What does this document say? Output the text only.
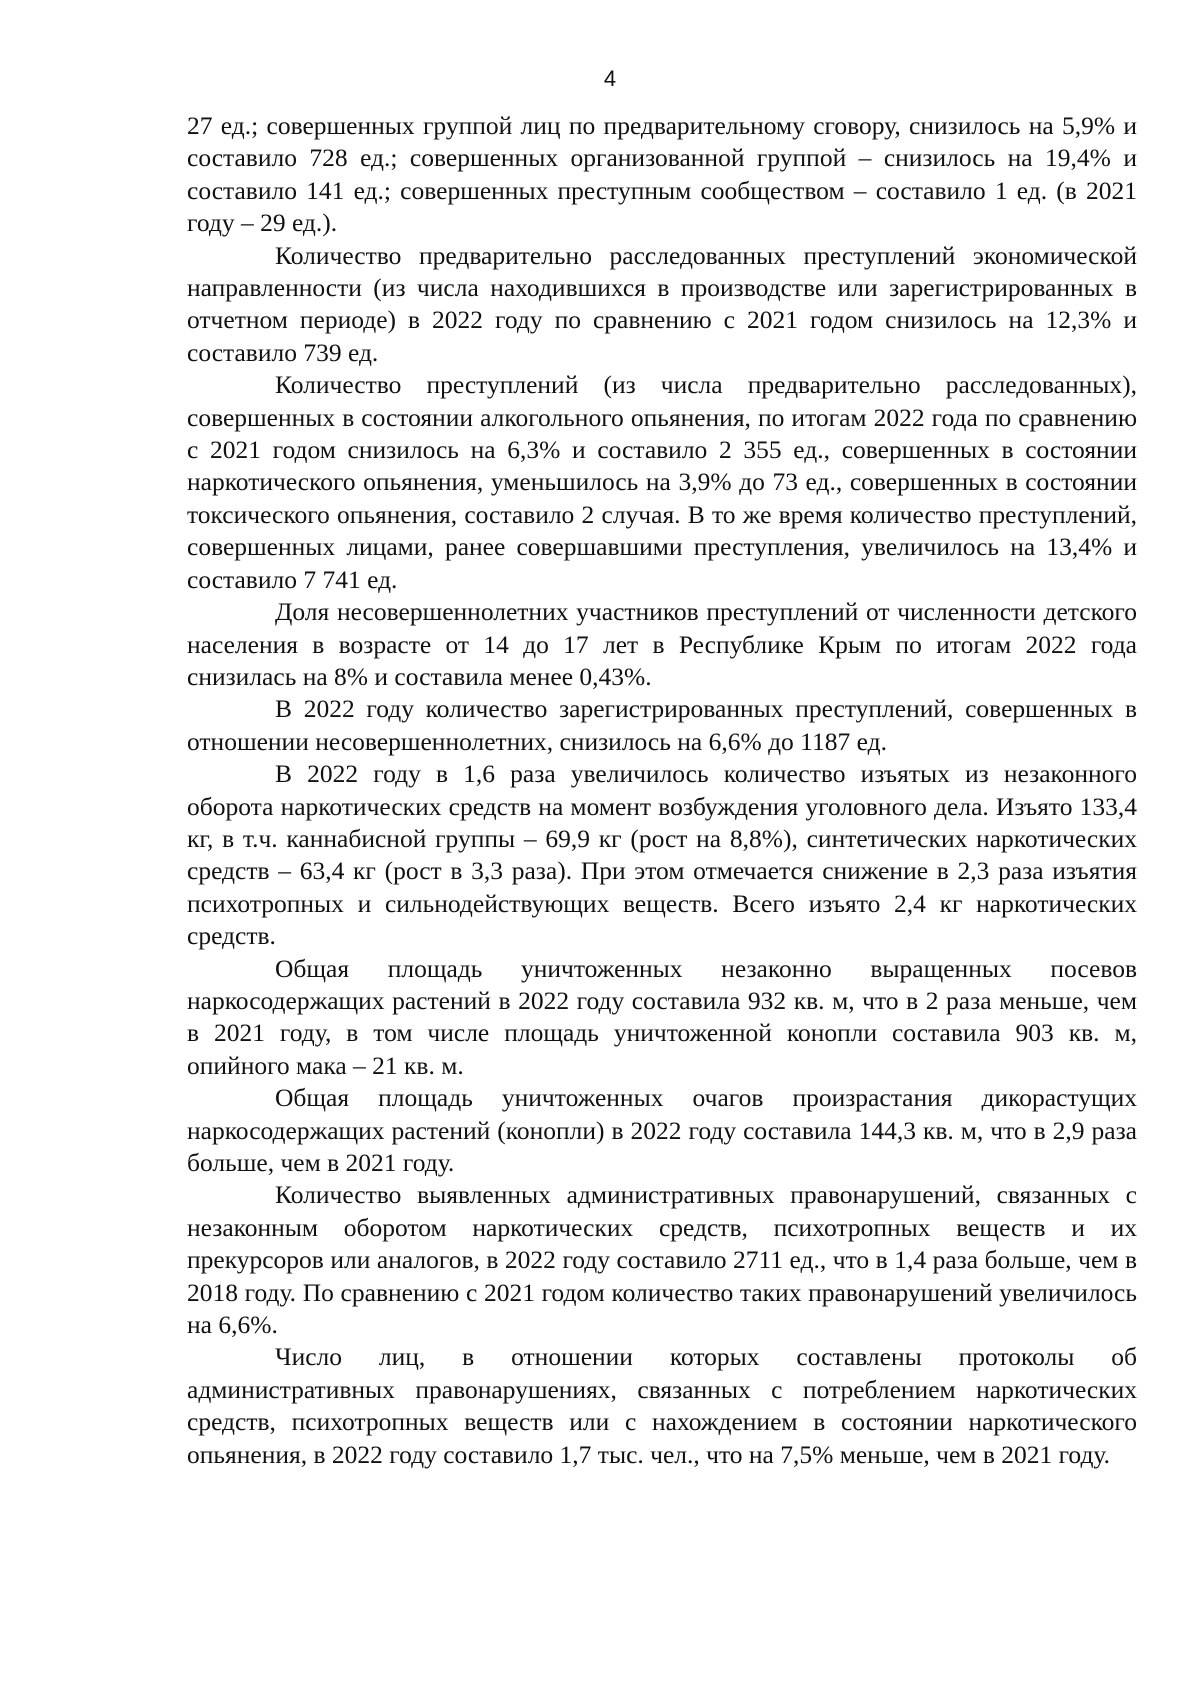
4

27 ед.; совершенных группой лиц по предварительному сговору, снизилось на 5,9% и составило 728 ед.; совершенных организованной группой – снизилось на 19,4% и составило 141 ед.; совершенных преступным сообществом – составило 1 ед. (в 2021 году – 29 ед.).

Количество предварительно расследованных преступлений экономической направленности (из числа находившихся в производстве или зарегистрированных в отчетном периоде) в 2022 году по сравнению с 2021 годом снизилось на 12,3% и составило 739 ед.

Количество преступлений (из числа предварительно расследованных), совершенных в состоянии алкогольного опьянения, по итогам 2022 года по сравнению с 2021 годом снизилось на 6,3% и составило 2 355 ед., совершенных в состоянии наркотического опьянения, уменьшилось на 3,9% до 73 ед., совершенных в состоянии токсического опьянения, составило 2 случая. В то же время количество преступлений, совершенных лицами, ранее совершавшими преступления, увеличилось на 13,4% и составило 7 741 ед.

Доля несовершеннолетних участников преступлений от численности детского населения в возрасте от 14 до 17 лет в Республике Крым по итогам 2022 года снизилась на 8% и составила менее 0,43%.

В 2022 году количество зарегистрированных преступлений, совершенных в отношении несовершеннолетних, снизилось на 6,6% до 1187 ед.

В 2022 году в 1,6 раза увеличилось количество изъятых из незаконного оборота наркотических средств на момент возбуждения уголовного дела. Изъято 133,4 кг, в т.ч. каннабисной группы – 69,9 кг (рост на 8,8%), синтетических наркотических средств – 63,4 кг (рост в 3,3 раза). При этом отмечается снижение в 2,3 раза изъятия психотропных и сильнодействующих веществ. Всего изъято 2,4 кг наркотических средств.

Общая площадь уничтоженных незаконно выращенных посевов наркосодержащих растений в 2022 году составила 932 кв. м, что в 2 раза меньше, чем в 2021 году, в том числе площадь уничтоженной конопли составила 903 кв. м, опийного мака – 21 кв. м.

Общая площадь уничтоженных очагов произрастания дикорастущих наркосодержащих растений (конопли) в 2022 году составила 144,3 кв. м, что в 2,9 раза больше, чем в 2021 году.

Количество выявленных административных правонарушений, связанных с незаконным оборотом наркотических средств, психотропных веществ и их прекурсоров или аналогов, в 2022 году составило 2711 ед., что в 1,4 раза больше, чем в 2018 году. По сравнению с 2021 годом количество таких правонарушений увеличилось на 6,6%.

Число лиц, в отношении которых составлены протоколы об административных правонарушениях, связанных с потреблением наркотических средств, психотропных веществ или с нахождением в состоянии наркотического опьянения, в 2022 году составило 1,7 тыс. чел., что на 7,5% меньше, чем в 2021 году.
